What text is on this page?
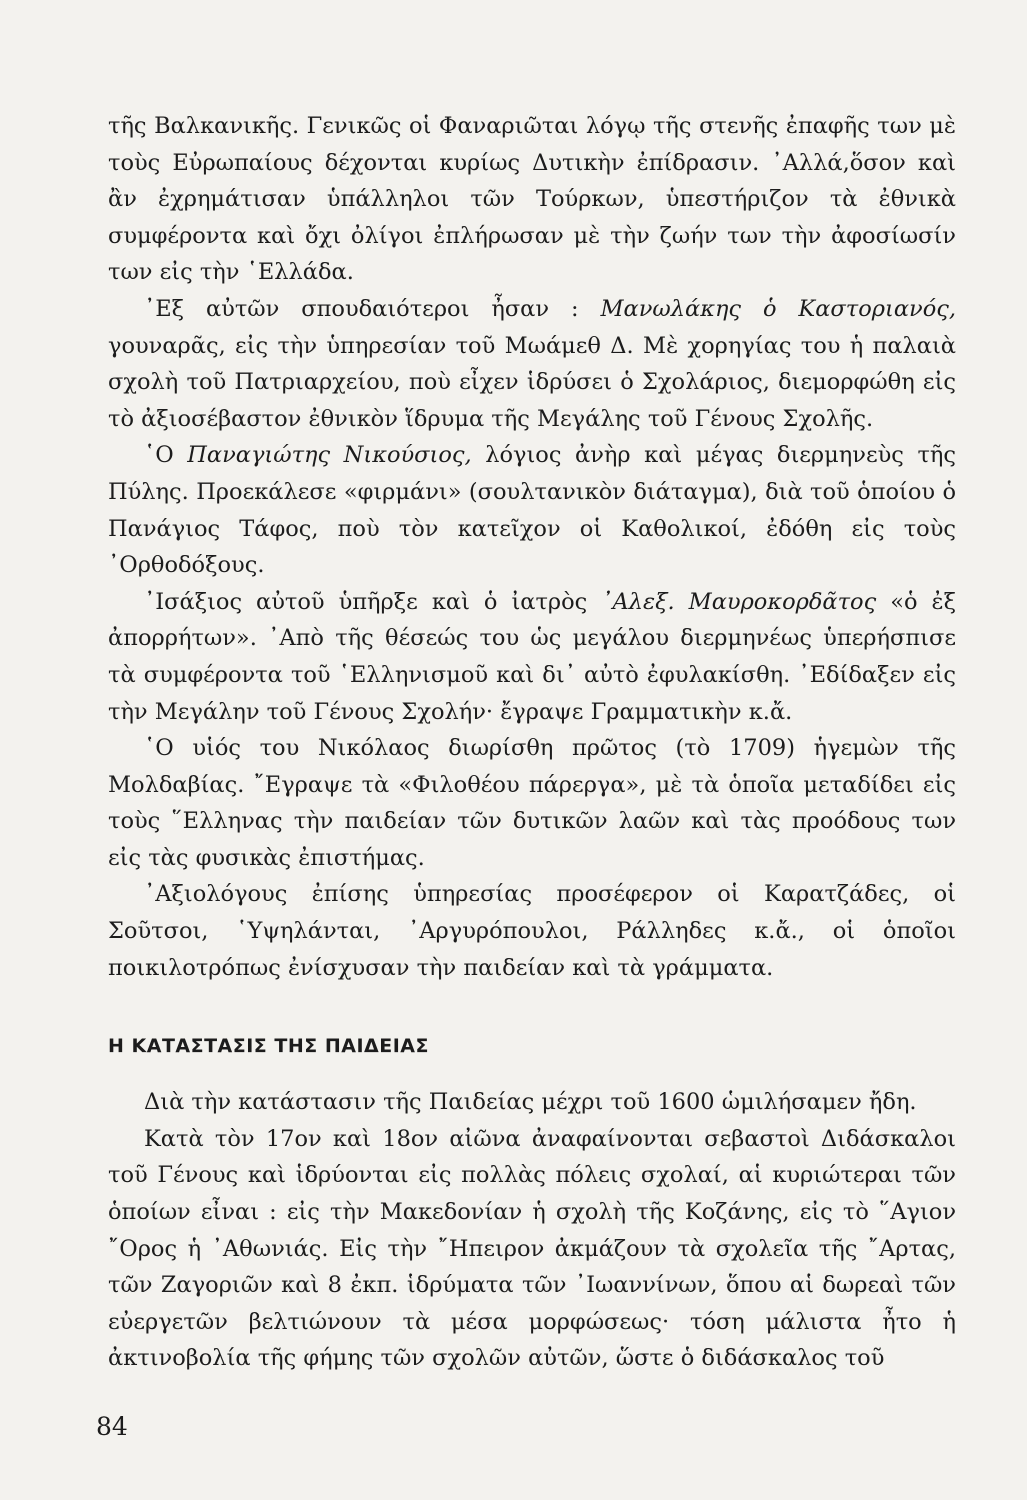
τῆς Βαλκανικῆς. Γενικῶς οἱ Φαναριῶται λόγῳ τῆς στενῆς ἐπαφῆς των μὲ τοὺς Εὐρωπαίους δέχονται κυρίως Δυτικὴν ἐπίδρασιν. ᾿Αλλά,ὅσον καὶ ἂν ἐχρημάτισαν ὑπάλληλοι τῶν Τούρκων, ὑπεστήριζον τὰ ἐθνικὰ συμφέροντα καὶ ὄχι ὀλίγοι ἐπλήρωσαν μὲ τὴν ζωήν των τὴν ἀφοσίωσίν των εἰς τὴν ῾Ελλάδα.

᾿Εξ αὐτῶν σπουδαιότεροι ἦσαν : Μανωλάκης ὁ Καστοριανός, γουναρᾶς, εἰς τὴν ὑπηρεσίαν τοῦ Μωάμεθ Δ. Μὲ χορηγίας του ἡ παλαιὰ σχολὴ τοῦ Πατριαρχείου, ποὺ εἶχεν ἱδρύσει ὁ Σχολάριος, διεμορφώθη εἰς τὸ ἀξιοσέβαστον ἐθνικὸν ἵδρυμα τῆς Μεγάλης τοῦ Γένους Σχολῆς.

῾Ο Παναγιώτης Νικούσιος, λόγιος ἀνὴρ καὶ μέγας διερμηνεὺς τῆς Πύλης. Προεκάλεσε «φιρμάνι» (σουλτανικὸν διάταγμα), διὰ τοῦ ὁποίου ὁ Πανάγιος Τάφος, ποὺ τὸν κατεῖχον οἱ Καθολικοί, ἐδόθη εἰς τοὺς ᾿Ορθοδόξους.

᾿Ισάξιος αὐτοῦ ὑπῆρξε καὶ ὁ ἰατρὸς ᾿Αλεξ. Μαυροκορδᾶτος «ὁ ἐξ ἀπορρήτων». ᾿Απὸ τῆς θέσεώς του ὡς μεγάλου διερμηνέως ὑπερήσπισε τὰ συμφέροντα τοῦ ῾Ελληνισμοῦ καὶ δι᾿ αὐτὸ ἐφυλακίσθη. ᾿Εδίδαξεν εἰς τὴν Μεγάλην τοῦ Γένους Σχολήν· ἔγραψε Γραμματικὴν κ.ἄ.

῾Ο υἱός του Νικόλαος διωρίσθη πρῶτος (τὸ 1709) ἡγεμὼν τῆς Μολδαβίας. ῎Εγραψε τὰ «Φιλοθέου πάρεργα», μὲ τὰ ὁποῖα μεταδίδει εἰς τοὺς ῞Ελληνας τὴν παιδείαν τῶν δυτικῶν λαῶν καὶ τὰς προόδους των εἰς τὰς φυσικὰς ἐπιστήμας.

᾿Αξιολόγους ἐπίσης ὑπηρεσίας προσέφερον οἱ Καρατζάδες, οἱ Σοῦτσοι, ῾Υψηλάνται, ᾿Αργυρόπουλοι, Ράλληδες κ.ἄ., οἱ ὁποῖοι ποικιλοτρόπως ἐνίσχυσαν τὴν παιδείαν καὶ τὰ γράμματα.

Η ΚΑΤΑΣΤΑΣΙΣ ΤΗΣ ΠΑΙΔΕΙΑΣ

Διὰ τὴν κατάστασιν τῆς Παιδείας μέχρι τοῦ 1600 ὡμιλήσαμεν ἤδη.

Κατὰ τὸν 17ον καὶ 18ον αἰῶνα ἀναφαίνονται σεβαστοὶ Διδάσκαλοι τοῦ Γένους καὶ ἱδρύονται εἰς πολλὰς πόλεις σχολαί, αἱ κυριώτεραι τῶν ὁποίων εἶναι : εἰς τὴν Μακεδονίαν ἡ σχολὴ τῆς Κοζάνης, εἰς τὸ ῞Αγιον ῎Ορος ἡ ᾿Αθωνιάς. Εἰς τὴν ῎Ηπειρον ἀκμάζουν τὰ σχολεῖα τῆς ῎Αρτας, τῶν Ζαγοριῶν καὶ 8 ἐκπ. ἱδρύματα τῶν ᾿Ιωαννίνων, ὅπου αἱ δωρεαὶ τῶν εὐεργετῶν βελτιώνουν τὰ μέσα μορφώσεως· τόση μάλιστα ἦτο ἡ ἀκτινοβολία τῆς φήμης τῶν σχολῶν αὐτῶν, ὥστε ὁ διδάσκαλος τοῦ

84
